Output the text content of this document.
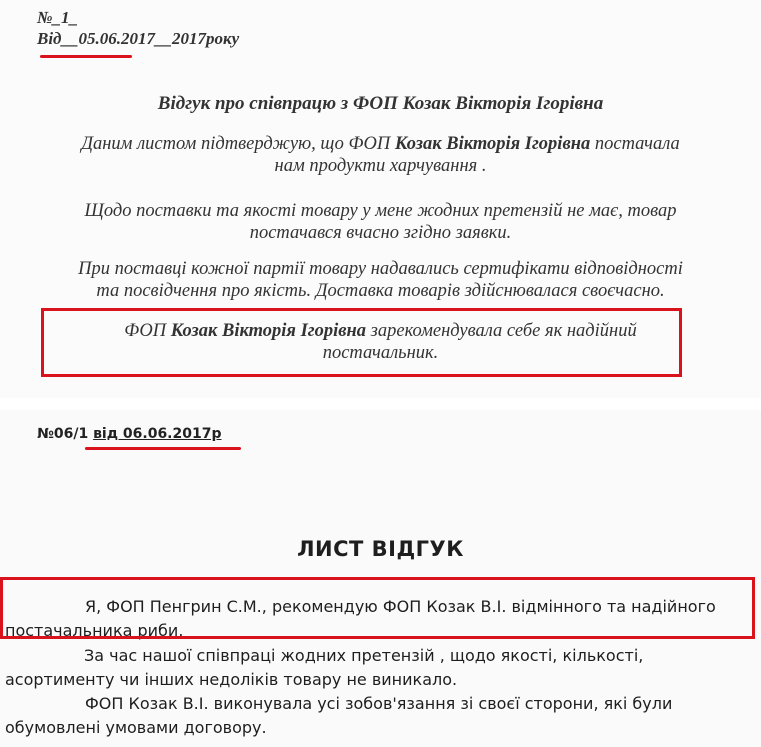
№_1_
Від__05.06.2017__2017року
Відгук про співпрацю з ФОП Козак Вікторія Ігорівна
Даним листом підтверджую, що ФОП Козак Вікторія Ігорівна постачала
нам продукти харчування .
Щодо поставки та якості товару у мене жодних претензій не має, товар
постачався вчасно згідно заявки.
При поставці кожної партії товару надавались сертифікати відповідності
та посвідчення про якість. Доставка товарів здійснювалася своєчасно.
ФОП Козак Вікторія Ігорівна зарекомендувала себе як надійний
постачальник.
№06/1 від 06.06.2017р
ЛИСТ ВІДГУК
Я, ФОП Пенгрин С.М., рекомендую ФОП Козак В.І. відмінного та надійного
постачальника риби.
За час нашої співпраці жодних претензій , щодо якості, кількості,
асортименту чи інших недоліків товару не виникало.
ФОП Козак В.І. виконувала усі зобов'язання зі своєї сторони, які були
обумовлені умовами договору.
